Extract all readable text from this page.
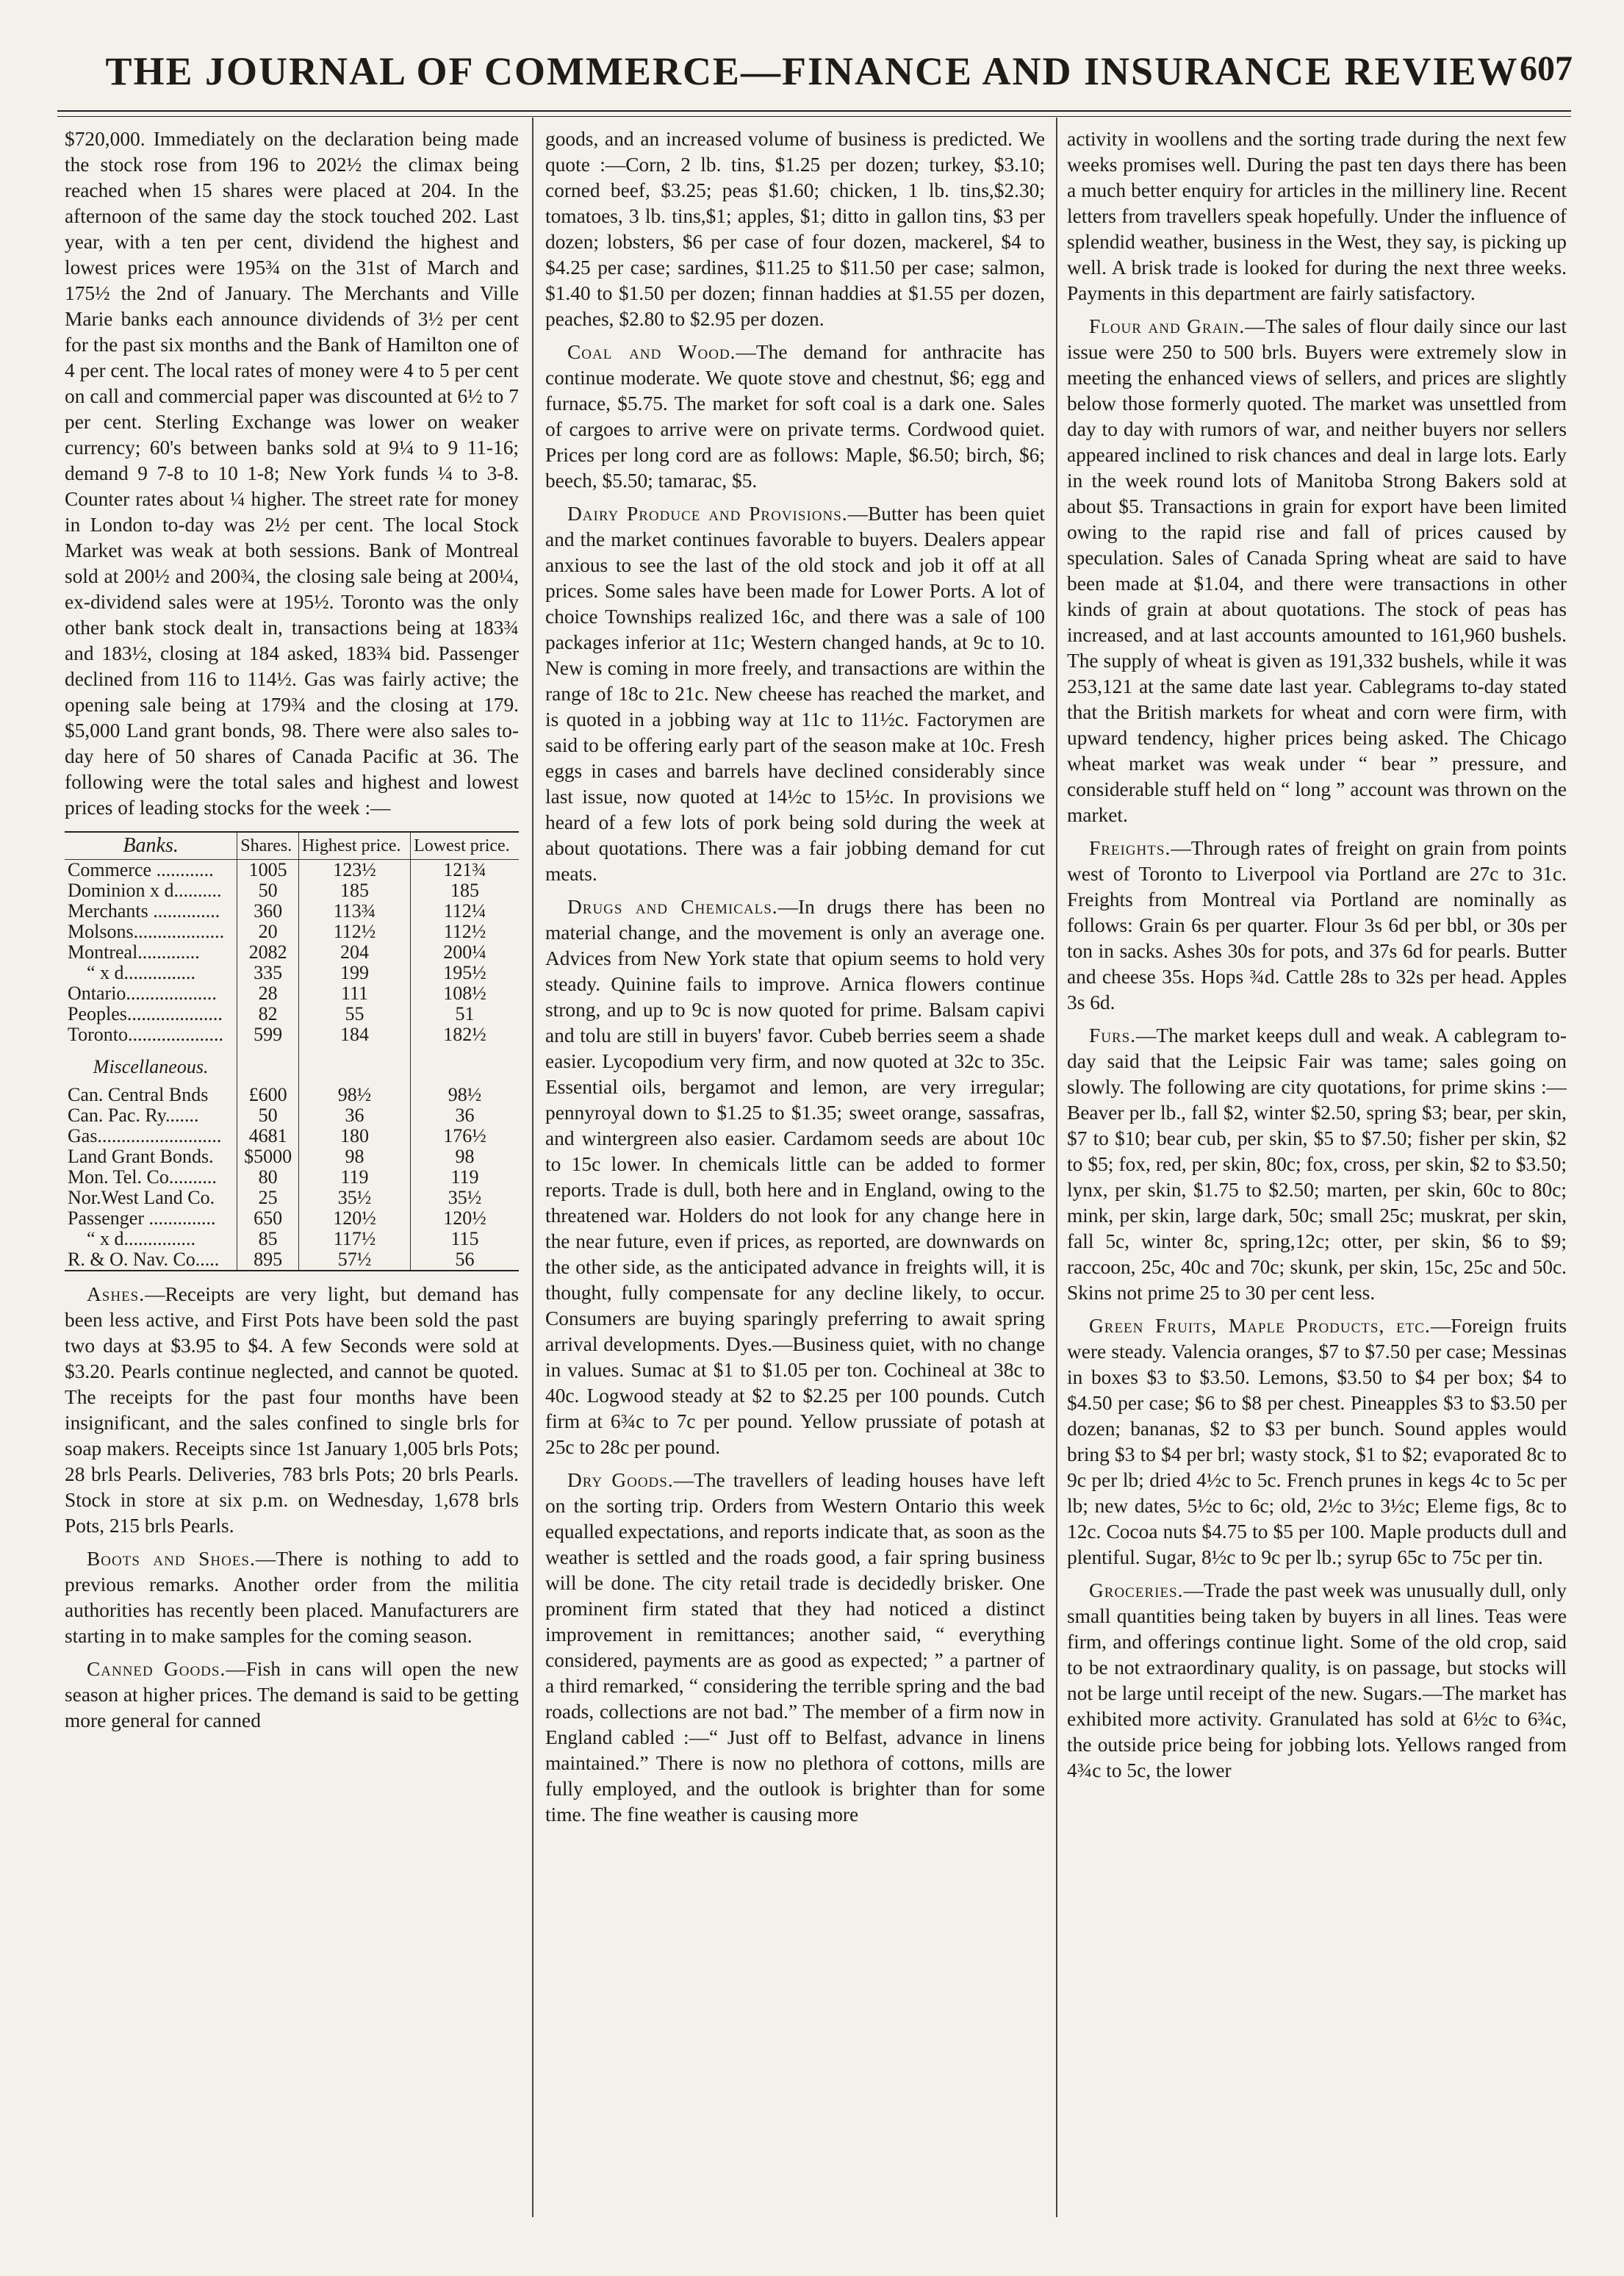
THE JOURNAL OF COMMERCE—FINANCE AND INSURANCE REVIEW 607

$720,000. Immediately on the declaration being made the stock rose from 196 to 202½ the climax being reached when 15 shares were placed at 204. In the afternoon of the same day the stock touched 202. Last year, with a ten per cent, dividend the highest and lowest prices were 195¾ on the 31st of March and 175½ the 2nd of January. The Merchants and Ville Marie banks each announce dividends of 3½ per cent for the past six months and the Bank of Hamilton one of 4 per cent. The local rates of money were 4 to 5 per cent on call and commercial paper was discounted at 6½ to 7 per cent. Sterling Exchange was lower on weaker currency; 60's between banks sold at 9¼ to 9 11-16; demand 9 7-8 to 10 1-8; New York funds ¼ to 3-8. Counter rates about ¼ higher. The street rate for money in London to-day was 2½ per cent. The local Stock Market was weak at both sessions. Bank of Montreal sold at 200½ and 200¾, the closing sale being at 200¼, ex-dividend sales were at 195½. Toronto was the only other bank stock dealt in, transactions being at 183¾ and 183½, closing at 184 asked, 183¾ bid. Passenger declined from 116 to 114½. Gas was fairly active; the opening sale being at 179¾ and the closing at 179. $5,000 Land grant bonds, 98. There were also sales to-day here of 50 shares of Canada Pacific at 36. The following were the total sales and highest and lowest prices of leading stocks for the week :—

Banks.	Shares.	Highest price.	Lowest price.
Commerce ............	1005	123½	121¾
Dominion x d..........	50	185	185
Merchants ..............	360	113¾	112¼
Molsons...................	20	112½	112½
Montreal.............	2082	204	200¼
“ x d...............	335	199	195½
Ontario...................	28	111	108½
Peoples....................	82	55	51
Toronto....................	599	184	182½
Miscellaneous.			
Can. Central Bnds	£600	98½	98½
Can. Pac. Ry.......	50	36	36
Gas..........................	4681	180	176½
Land Grant Bonds.	$5000	98	98
Mon. Tel. Co..........	80	119	119
Nor.West Land Co.	25	35½	35½
Passenger ..............	650	120½	120½
“ x d...............	85	117½	115
R. & O. Nav. Co.....	895	57½	56

Ashes.—Receipts are very light, but demand has been less active, and First Pots have been sold the past two days at $3.95 to $4. A few Seconds were sold at $3.20. Pearls continue neglected, and cannot be quoted. The receipts for the past four months have been insignificant, and the sales confined to single brls for soap makers. Receipts since 1st January 1,005 brls Pots; 28 brls Pearls. Deliveries, 783 brls Pots; 20 brls Pearls. Stock in store at six p.m. on Wednesday, 1,678 brls Pots, 215 brls Pearls.

Boots and Shoes.—There is nothing to add to previous remarks. Another order from the militia authorities has recently been placed. Manufacturers are starting in to make samples for the coming season.

Canned Goods.—Fish in cans will open the new season at higher prices. The demand is said to be getting more general for canned

goods, and an increased volume of business is predicted. We quote :—Corn, 2 lb. tins, $1.25 per dozen; turkey, $3.10; corned beef, $3.25; peas $1.60; chicken, 1 lb. tins,$2.30; tomatoes, 3 lb. tins,$1; apples, $1; ditto in gallon tins, $3 per dozen; lobsters, $6 per case of four dozen, mackerel, $4 to $4.25 per case; sardines, $11.25 to $11.50 per case; salmon, $1.40 to $1.50 per dozen; finnan haddies at $1.55 per dozen, peaches, $2.80 to $2.95 per dozen.

Coal and Wood.—The demand for anthracite has continue moderate. We quote stove and chestnut, $6; egg and furnace, $5.75. The market for soft coal is a dark one. Sales of cargoes to arrive were on private terms. Cordwood quiet. Prices per long cord are as follows: Maple, $6.50; birch, $6; beech, $5.50; tamarac, $5.

Dairy Produce and Provisions.—Butter has been quiet and the market continues favorable to buyers. Dealers appear anxious to see the last of the old stock and job it off at all prices. Some sales have been made for Lower Ports. A lot of choice Townships realized 16c, and there was a sale of 100 packages inferior at 11c; Western changed hands, at 9c to 10. New is coming in more freely, and transactions are within the range of 18c to 21c. New cheese has reached the market, and is quoted in a jobbing way at 11c to 11½c. Factorymen are said to be offering early part of the season make at 10c. Fresh eggs in cases and barrels have declined considerably since last issue, now quoted at 14½c to 15½c. In provisions we heard of a few lots of pork being sold during the week at about quotations. There was a fair jobbing demand for cut meats.

Drugs and Chemicals.—In drugs there has been no material change, and the movement is only an average one. Advices from New York state that opium seems to hold very steady. Quinine fails to improve. Arnica flowers continue strong, and up to 9c is now quoted for prime. Balsam capivi and tolu are still in buyers' favor. Cubeb berries seem a shade easier. Lycopodium very firm, and now quoted at 32c to 35c. Essential oils, bergamot and lemon, are very irregular; pennyroyal down to $1.25 to $1.35; sweet orange, sassafras, and wintergreen also easier. Cardamom seeds are about 10c to 15c lower. In chemicals little can be added to former reports. Trade is dull, both here and in England, owing to the threatened war. Holders do not look for any change here in the near future, even if prices, as reported, are downwards on the other side, as the anticipated advance in freights will, it is thought, fully compensate for any decline likely, to occur. Consumers are buying sparingly preferring to await spring arrival developments. Dyes.—Business quiet, with no change in values. Sumac at $1 to $1.05 per ton. Cochineal at 38c to 40c. Logwood steady at $2 to $2.25 per 100 pounds. Cutch firm at 6¾c to 7c per pound. Yellow prussiate of potash at 25c to 28c per pound.

Dry Goods.—The travellers of leading houses have left on the sorting trip. Orders from Western Ontario this week equalled expectations, and reports indicate that, as soon as the weather is settled and the roads good, a fair spring business will be done. The city retail trade is decidedly brisker. One prominent firm stated that they had noticed a distinct improvement in remittances; another said, “ everything considered, payments are as good as expected; ” a partner of a third remarked, “ considering the terrible spring and the bad roads, collections are not bad.” The member of a firm now in England cabled :—“ Just off to Belfast, advance in linens maintained.” There is now no plethora of cottons, mills are fully employed, and the outlook is brighter than for some time. The fine weather is causing more

activity in woollens and the sorting trade during the next few weeks promises well. During the past ten days there has been a much better enquiry for articles in the millinery line. Recent letters from travellers speak hopefully. Under the influence of splendid weather, business in the West, they say, is picking up well. A brisk trade is looked for during the next three weeks. Payments in this department are fairly satisfactory.

Flour and Grain.—The sales of flour daily since our last issue were 250 to 500 brls. Buyers were extremely slow in meeting the enhanced views of sellers, and prices are slightly below those formerly quoted. The market was unsettled from day to day with rumors of war, and neither buyers nor sellers appeared inclined to risk chances and deal in large lots. Early in the week round lots of Manitoba Strong Bakers sold at about $5. Transactions in grain for export have been limited owing to the rapid rise and fall of prices caused by speculation. Sales of Canada Spring wheat are said to have been made at $1.04, and there were transactions in other kinds of grain at about quotations. The stock of peas has increased, and at last accounts amounted to 161,960 bushels. The supply of wheat is given as 191,332 bushels, while it was 253,121 at the same date last year. Cablegrams to-day stated that the British markets for wheat and corn were firm, with upward tendency, higher prices being asked. The Chicago wheat market was weak under “ bear ” pressure, and considerable stuff held on “ long ” account was thrown on the market.

Freights.—Through rates of freight on grain from points west of Toronto to Liverpool via Portland are 27c to 31c. Freights from Montreal via Portland are nominally as follows: Grain 6s per quarter. Flour 3s 6d per bbl, or 30s per ton in sacks. Ashes 30s for pots, and 37s 6d for pearls. Butter and cheese 35s. Hops ¾d. Cattle 28s to 32s per head. Apples 3s 6d.

Furs.—The market keeps dull and weak. A cablegram to-day said that the Leipsic Fair was tame; sales going on slowly. The following are city quotations, for prime skins :—Beaver per lb., fall $2, winter $2.50, spring $3; bear, per skin, $7 to $10; bear cub, per skin, $5 to $7.50; fisher per skin, $2 to $5; fox, red, per skin, 80c; fox, cross, per skin, $2 to $3.50; lynx, per skin, $1.75 to $2.50; marten, per skin, 60c to 80c; mink, per skin, large dark, 50c; small 25c; muskrat, per skin, fall 5c, winter 8c, spring,12c; otter, per skin, $6 to $9; raccoon, 25c, 40c and 70c; skunk, per skin, 15c, 25c and 50c. Skins not prime 25 to 30 per cent less.

Green Fruits, Maple Products, etc.—Foreign fruits were steady. Valencia oranges, $7 to $7.50 per case; Messinas in boxes $3 to $3.50. Lemons, $3.50 to $4 per box; $4 to $4.50 per case; $6 to $8 per chest. Pineapples $3 to $3.50 per dozen; bananas, $2 to $3 per bunch. Sound apples would bring $3 to $4 per brl; wasty stock, $1 to $2; evaporated 8c to 9c per lb; dried 4½c to 5c. French prunes in kegs 4c to 5c per lb; new dates, 5½c to 6c; old, 2½c to 3½c; Eleme figs, 8c to 12c. Cocoa nuts $4.75 to $5 per 100. Maple products dull and plentiful. Sugar, 8½c to 9c per lb.; syrup 65c to 75c per tin.

Groceries.—Trade the past week was unusually dull, only small quantities being taken by buyers in all lines. Teas were firm, and offerings continue light. Some of the old crop, said to be not extraordinary quality, is on passage, but stocks will not be large until receipt of the new. Sugars.—The market has exhibited more activity. Granulated has sold at 6½c to 6¾c, the outside price being for jobbing lots. Yellows ranged from 4¾c to 5c, the lower
